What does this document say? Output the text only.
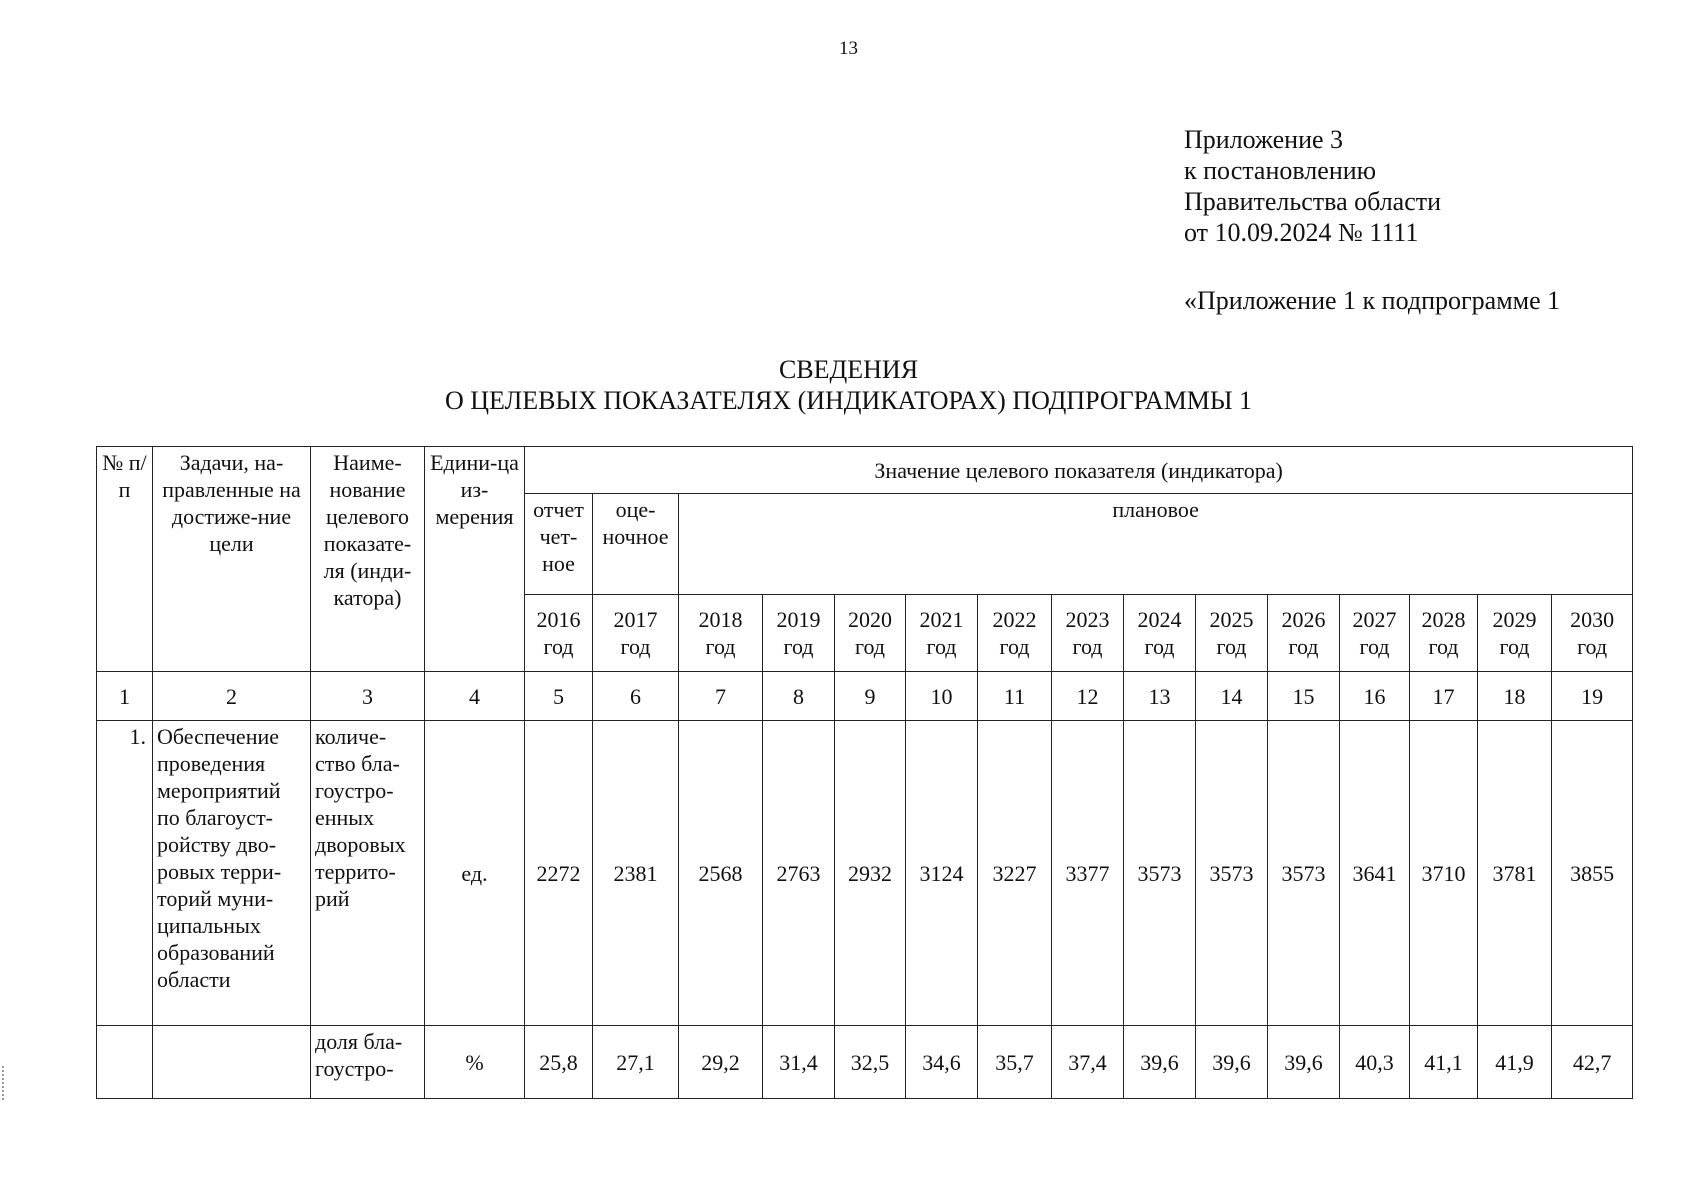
13
Приложение 3
к постановлению
Правительства области
от 10.09.2024 № 1111
«Приложение 1 к подпрограмме 1
СВЕДЕНИЯ
О ЦЕЛЕВЫХ ПОКАЗАТЕЛЯХ (ИНДИКАТОРАХ) ПОДПРОГРАММЫ 1
№ п/п	Задачи, на-правленные на достиже-ние цели	Наиме-нование целевого показате-ля (инди-катора)	Едини-ца из-мерения	Значение целевого показателя (индикатора)														
				отчет чет-ное	оце-ночное	плановое												
				2016 год	2017 год	2018 год	2019 год	2020 год	2021 год	2022 год	2023 год	2024 год	2025 год	2026 год	2027 год	2028 год	2029 год	2030 год
1	2	3	4	5	6	7	8	9	10	11	12	13	14	15	16	17	18	19
1.	Обеспечение проведения мероприятий по благоуст-ройству дво-ровых терри-торий муни-ципальных образований области	количе-ство бла-гоустро-енных дворовых террито-рий	ед.	2272	2381	2568	2763	2932	3124	3227	3377	3573	3573	3573	3641	3710	3781	3855
		доля бла-гоустро-	%	25,8	27,1	29,2	31,4	32,5	34,6	35,7	37,4	39,6	39,6	39,6	40,3	41,1	41,9	42,7
